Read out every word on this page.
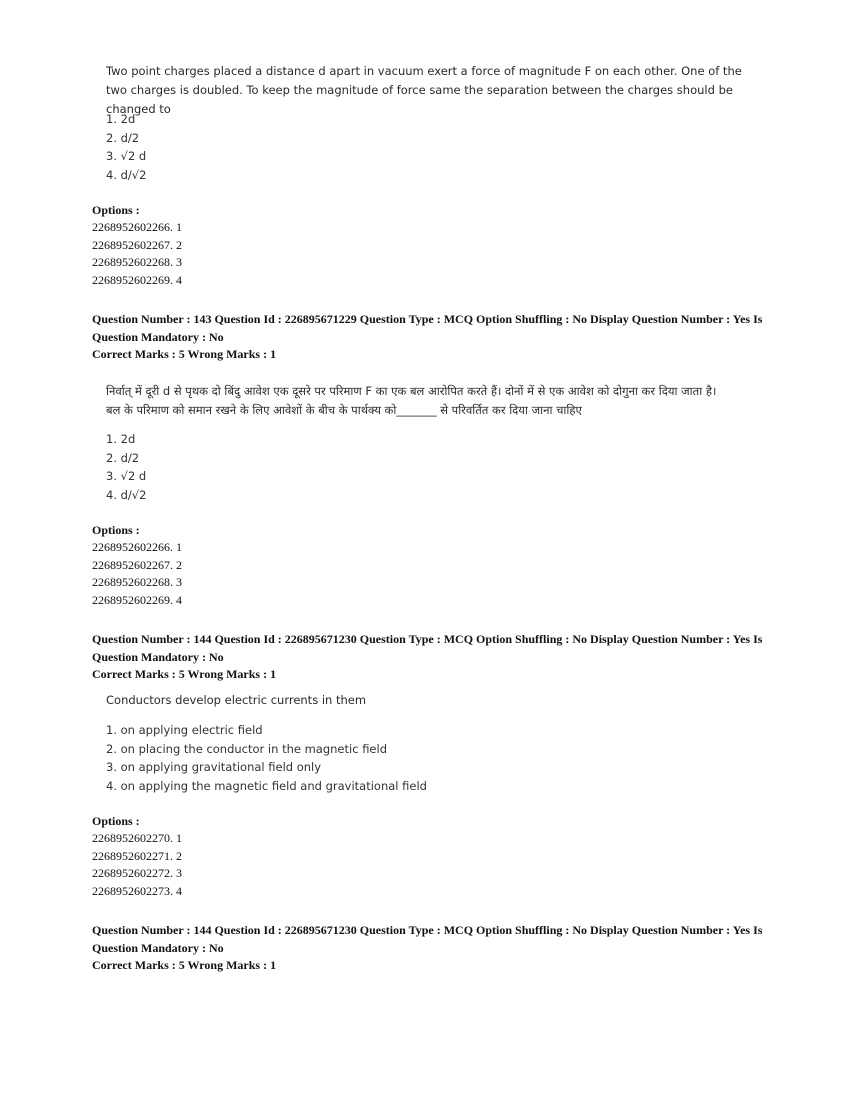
Two point charges placed a distance d apart in vacuum exert a force of magnitude F on each other. One of the two charges is doubled. To keep the magnitude of force same the separation between the charges should be changed to
1. 2d
2. d/2
3. √2 d
4. d/√2
Options :
2268952602266. 1
2268952602267. 2
2268952602268. 3
2268952602269. 4
Question Number : 143 Question Id : 226895671229 Question Type : MCQ Option Shuffling : No Display Question Number : Yes Is
Question Mandatory : No
Correct Marks : 5 Wrong Marks : 1
निर्वात् में दूरी d से पृथक दो बिंदु आवेश एक दूसरे पर परिमाण F का एक बल आरोपित करते हैं। दोनों में से एक आवेश को दोगुना कर दिया जाता है। बल के परिमाण को समान रखने के लिए आवेशों के बीच के पार्थक्य को_______ से परिवर्तित कर दिया जाना चाहिए
1. 2d
2. d/2
3. √2 d
4. d/√2
Options :
2268952602266. 1
2268952602267. 2
2268952602268. 3
2268952602269. 4
Question Number : 144 Question Id : 226895671230 Question Type : MCQ Option Shuffling : No Display Question Number : Yes Is
Question Mandatory : No
Correct Marks : 5 Wrong Marks : 1
Conductors develop electric currents in them
1. on applying electric field
2. on placing the conductor in the magnetic field
3. on applying gravitational field only
4. on applying the magnetic field and gravitational field
Options :
2268952602270. 1
2268952602271. 2
2268952602272. 3
2268952602273. 4
Question Number : 144 Question Id : 226895671230 Question Type : MCQ Option Shuffling : No Display Question Number : Yes Is
Question Mandatory : No
Correct Marks : 5 Wrong Marks : 1
